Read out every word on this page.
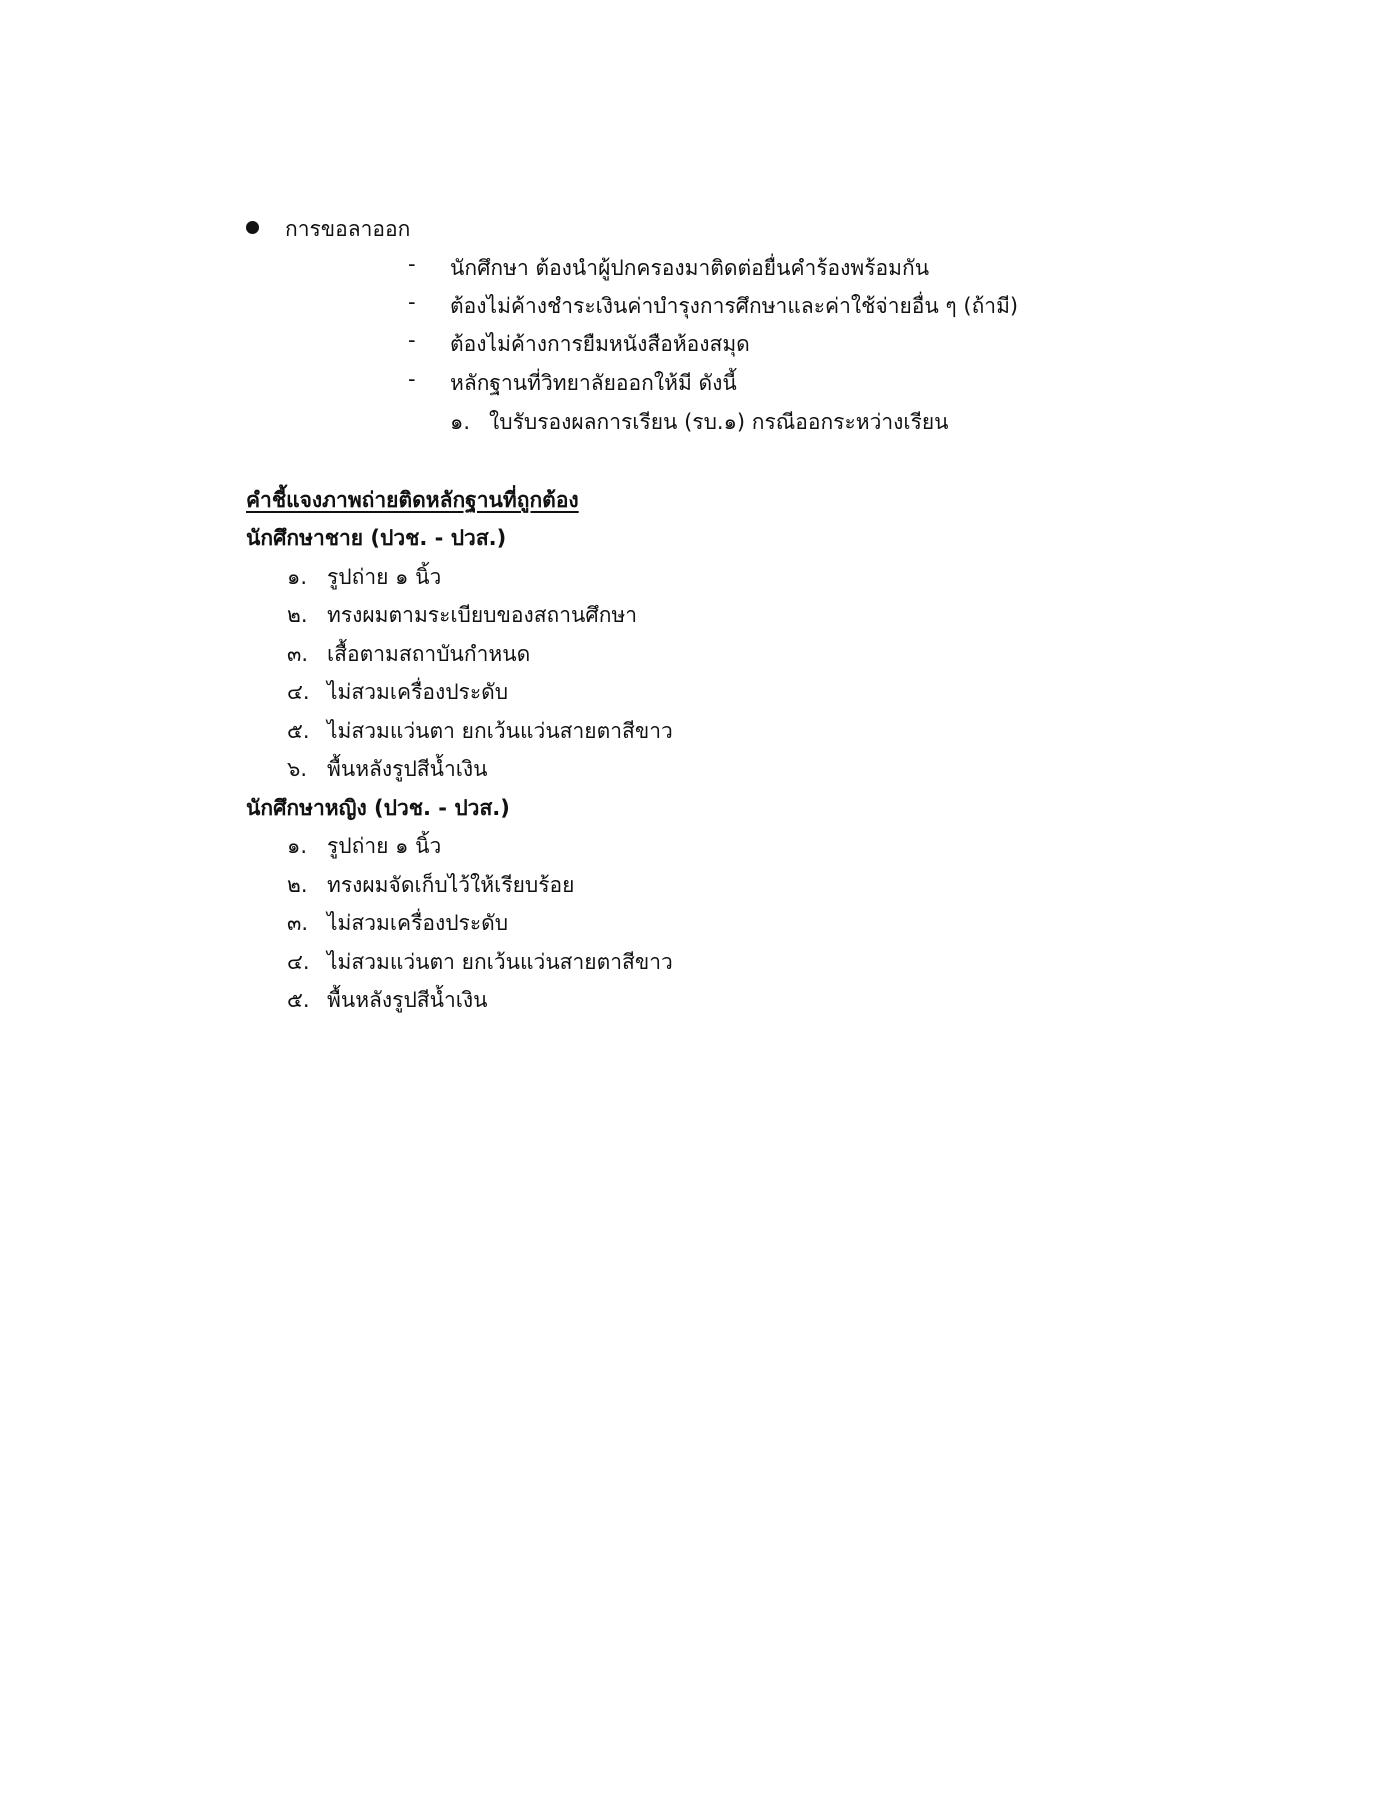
การขอลาออก
-	นักศึกษา ต้องนำผู้ปกครองมาติดต่อยื่นคำร้องพร้อมกัน
-	ต้องไม่ค้างชำระเงินค่าบำรุงการศึกษาและค่าใช้จ่ายอื่น ๆ (ถ้ามี)
-	ต้องไม่ค้างการยืมหนังสือห้องสมุด
-	หลักฐานที่วิทยาลัยออกให้มี ดังนี้
๑. ใบรับรองผลการเรียน (รบ.๑) กรณีออกระหว่างเรียน
คำชี้แจงภาพถ่ายติดหลักฐานที่ถูกต้อง
นักศึกษาชาย (ปวช. - ปวส.)
๑. รูปถ่าย ๑ นิ้ว
๒. ทรงผมตามระเบียบของสถานศึกษา
๓. เสื้อตามสถาบันกำหนด
๔. ไม่สวมเครื่องประดับ
๕. ไม่สวมแว่นตา ยกเว้นแว่นสายตาสีขาว
๖. พื้นหลังรูปสีน้ำเงิน
นักศึกษาหญิง (ปวช. - ปวส.)
๑. รูปถ่าย ๑ นิ้ว
๒. ทรงผมจัดเก็บไว้ให้เรียบร้อย
๓. ไม่สวมเครื่องประดับ
๔. ไม่สวมแว่นตา ยกเว้นแว่นสายตาสีขาว
๕. พื้นหลังรูปสีน้ำเงิน
